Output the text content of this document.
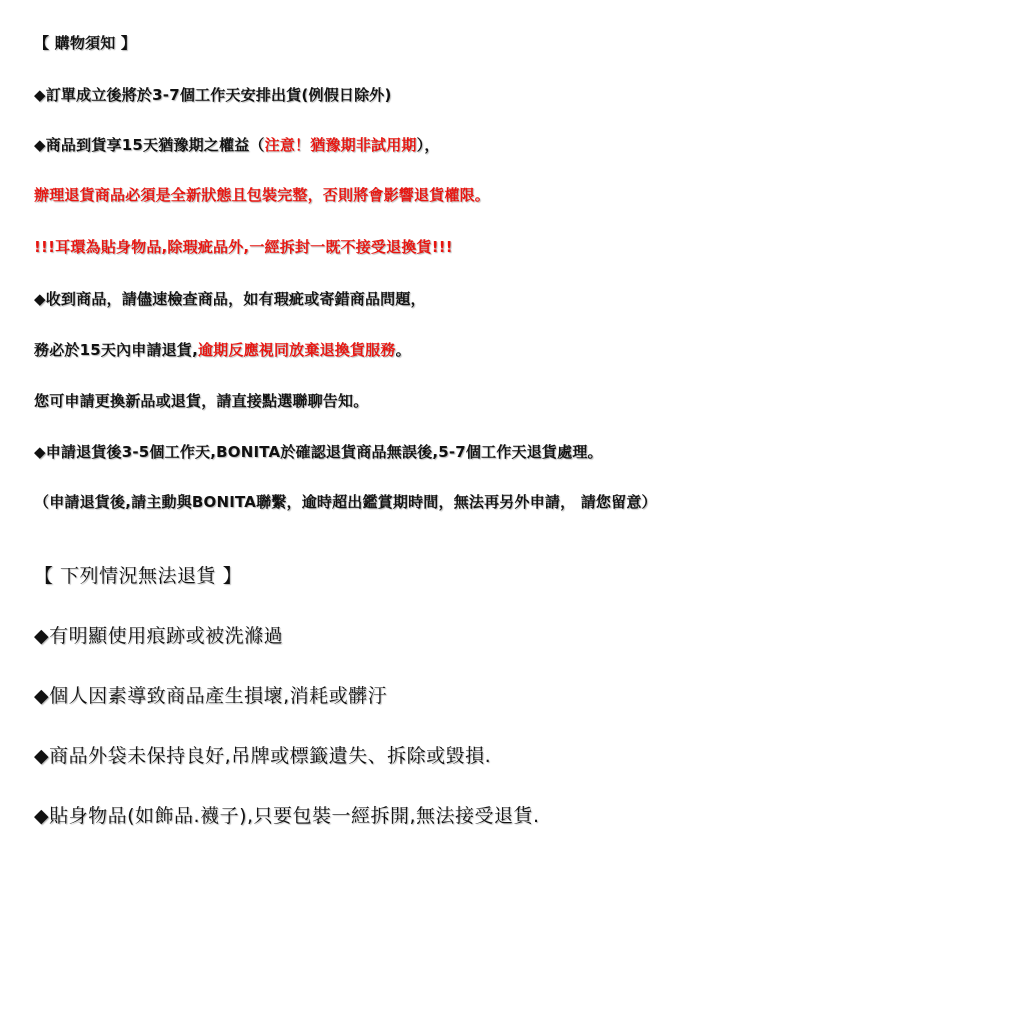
【 購物須知 】
◆訂單成立後將於3-7個工作天安排出貨(例假日除外)
◆商品到貨享15天猶豫期之權益（注意！猶豫期非試用期），
辦理退貨商品必須是全新狀態且包裝完整，否則將會影響退貨權限。
!!!耳環為貼身物品,除瑕疵品外,一經拆封一既不接受退換貨!!!
◆收到商品，請儘速檢查商品，如有瑕疵或寄錯商品問題，
務必於15天內申請退貨,逾期反應視同放棄退換貨服務。
您可申請更換新品或退貨，請直接點選聯聊告知。
◆申請退貨後3-5個工作天,BONITA於確認退貨商品無誤後,5-7個工作天退貨處理。
（申請退貨後,請主動與BONITA聯繫，逾時超出鑑賞期時間，無法再另外申請， 請您留意）
【 下列情況無法退貨 】
◆有明顯使用痕跡或被洗滌過
◆個人因素導致商品產生損壞,消耗或髒汙
◆商品外袋未保持良好,吊牌或標籤遺失、拆除或毀損.
◆貼身物品(如飾品.襪子),只要包裝一經拆開,無法接受退貨.
